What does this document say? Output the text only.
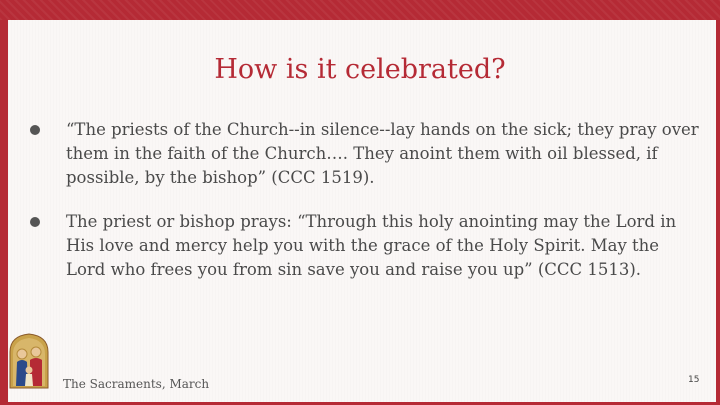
How is it celebrated?
“The priests of the Church--in silence--lay hands on the sick; they pray over them in the faith of the Church…. They anoint them with oil blessed, if possible, by the bishop” (CCC 1519).
The priest or bishop prays: “Through this holy anointing may the Lord in His love and mercy help you with the grace of the Holy Spirit. May the Lord who frees you from sin save you and raise you up” (CCC 1513).
The Sacraments, March	15
